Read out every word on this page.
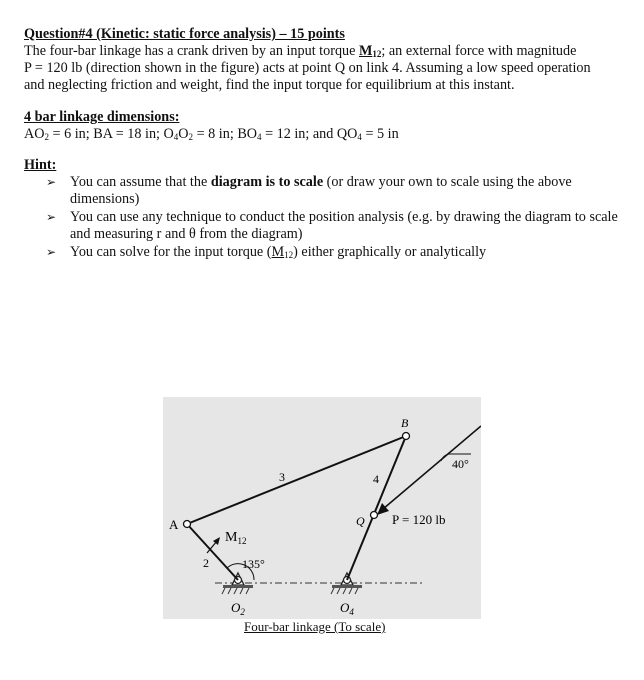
Question#4 (Kinetic: static force analysis) – 15 points

The four-bar linkage has a crank driven by an input torque $M_{12}$; an external force with magnitude
P = 120 lb (direction shown in the figure) acts at point Q on link 4. Assuming a low speed operation
and neglecting friction and weight, find the input torque for equilibrium at this instant.

4 bar linkage dimensions:
$AO_2 = 6$ in; BA = 18 in; $O_4O_2 = 8$ in; $BO_4 = 12$ in; and $QO_4 = 5$ in
Hint:
➢ You can assume that the diagram is to scale (or draw your own to scale using the above dimensions)
➢ You can use any technique to conduct the position analysis (e.g. by drawing the diagram to scale and measuring r and θ from the diagram)
➢ You can solve for the input torque $(M_{12})$ either graphically or analytically
A
B
Q
2
3	4
$M_{12}$
135°
40°
P = 120 lb
$O_2$	$O_4$
Four-bar linkage (To scale)
